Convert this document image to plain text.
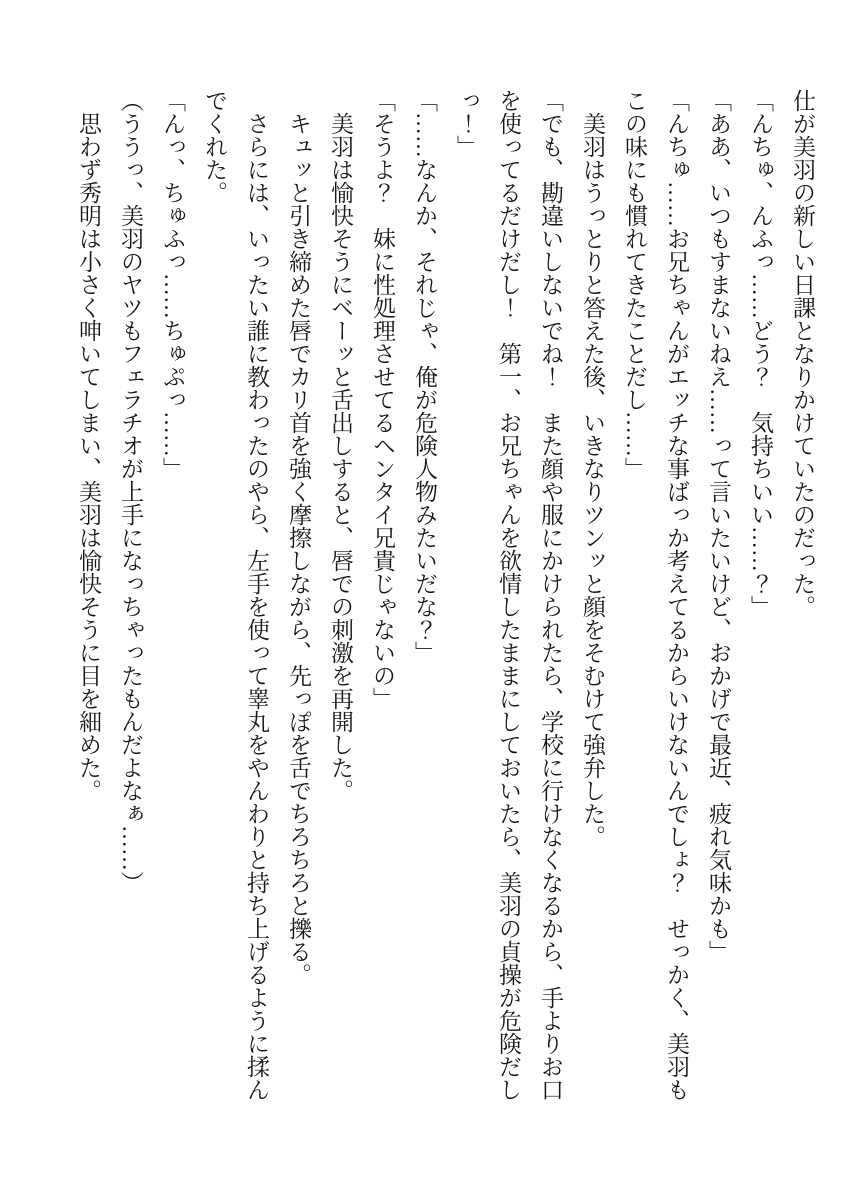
仕が美羽の新しい日課となりかけていたのだった。

「んちゅ、んふっ……どう？　気持ちいい……？」

「ああ、いつもすまないねえ……って言いたいけど、おかげで最近、疲れ気味かも」

「んちゅ……お兄ちゃんがエッチな事ばっか考えてるからいけないんでしょ？　せっかく、美羽も

この味にも慣れてきたことだし……」

　美羽はうっとりと答えた後、いきなりツンッと顔をそむけて強弁した。

「でも、勘違いしないでね！　また顔や服にかけられたら、学校に行けなくなるから、手よりお口

を使ってるだけだし！　第一、お兄ちゃんを欲情したままにしておいたら、美羽の貞操が危険だし

っ！」

「……なんか、それじゃ、俺が危険人物みたいだな？」

「そうよ？　妹に性処理させてるヘンタイ兄貴じゃないの」

　美羽は愉快そうにベーッと舌出しすると、唇での刺激を再開した。

　キュッと引き締めた唇でカリ首を強く摩擦しながら、先っぽを舌でちろちろと擽る。

　さらには、いったい誰に教わったのやら、左手を使って睾丸をやんわりと持ち上げるように揉ん

でくれた。

「んっ、ちゅふっ……ちゅぷっ……」

（ううっ、美羽のヤツもフェラチオが上手になっちゃったもんだよなぁ……）

　思わず秀明は小さく呻いてしまい、美羽は愉快そうに目を細めた。
